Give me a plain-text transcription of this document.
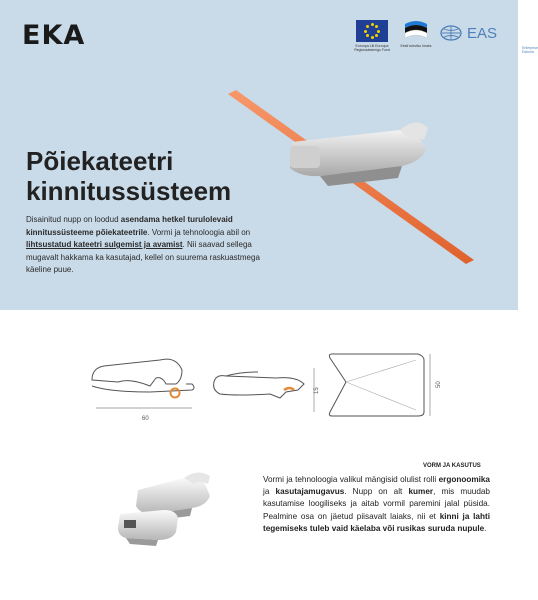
EKA	Euroopa Liit Euroopa Regionaalarengu Fond
Eesti tuleviku heaks
EAS
Enterprise Estonia
Põiekateetri
kinnitussüsteem

Disainitud nupp on loodud asendama hetkel turulolevaid kinnitussüsteeme põiekateetrile. Vormi ja tehnoloogia abil on lihtsustatud kateetri sulgemist ja avamist. Nii saavad sellega mugavalt hakkama ka kasutajad, kellel on suurema raskuastmega käeline puue.

60
15
50
VORM JA KASUTUS

Vormi ja tehnoloogia valikul mängisid olulist rolli ergonoomika ja kasutajamugavus. Nupp on alt kumer, mis muudab kasutamise loogiliseks ja aitab vormil paremini jalal püsida. Pealmine osa on jäetud piisavalt laiaks, nii et kinni ja lahti tegemiseks tuleb vaid käelaba või rusikas suruda nupule.
